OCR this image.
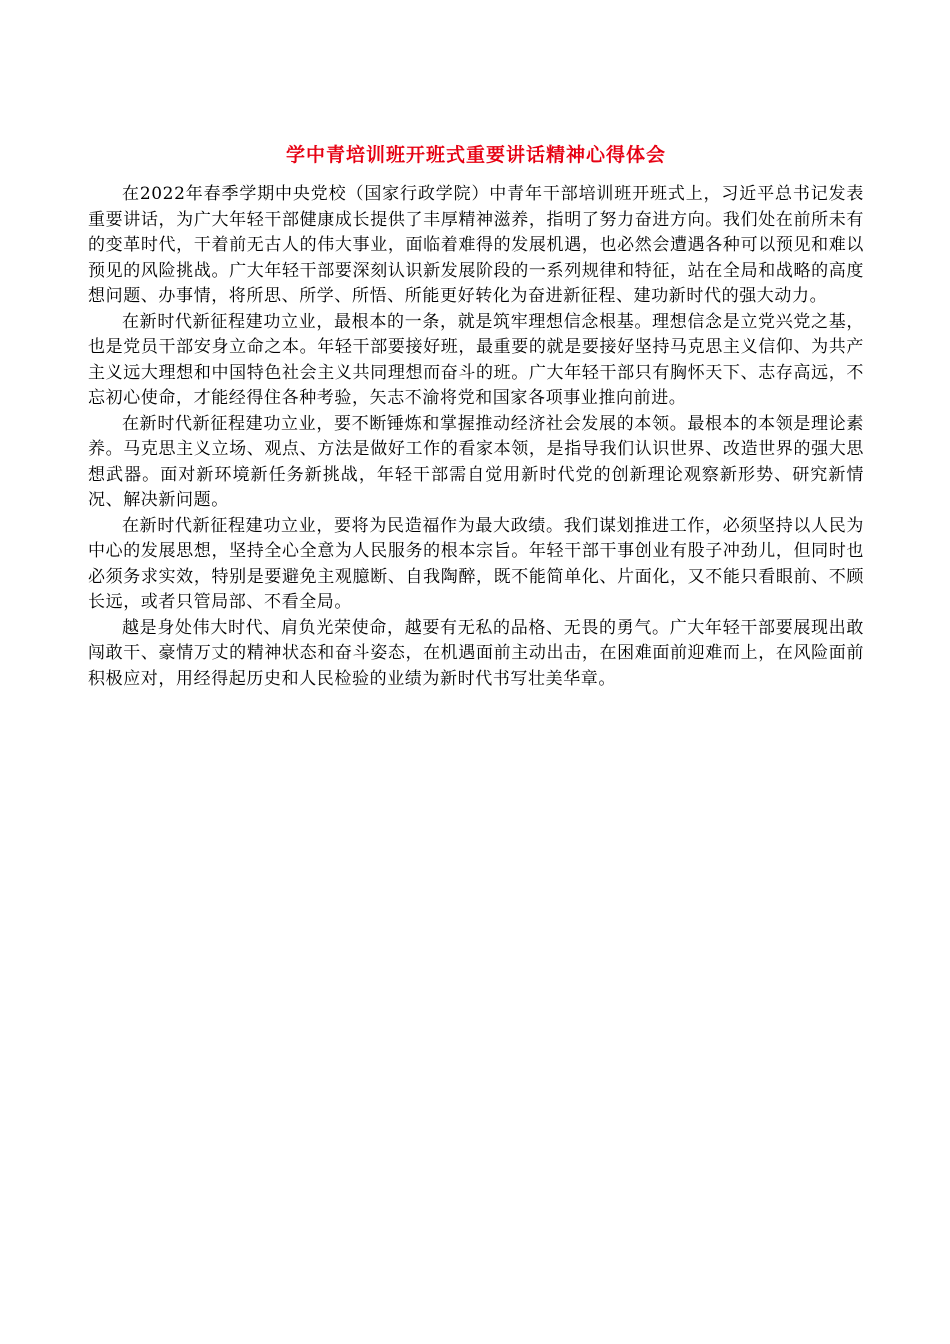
学中青培训班开班式重要讲话精神心得体会

在2022年春季学期中央党校（国家行政学院）中青年干部培训班开班式上，习近平总书记发表重要讲话，为广大年轻干部健康成长提供了丰厚精神滋养，指明了努力奋进方向。我们处在前所未有的变革时代，干着前无古人的伟大事业，面临着难得的发展机遇，也必然会遭遇各种可以预见和难以预见的风险挑战。广大年轻干部要深刻认识新发展阶段的一系列规律和特征，站在全局和战略的高度想问题、办事情，将所思、所学、所悟、所能更好转化为奋进新征程、建功新时代的强大动力。

在新时代新征程建功立业，最根本的一条，就是筑牢理想信念根基。理想信念是立党兴党之基，也是党员干部安身立命之本。年轻干部要接好班，最重要的就是要接好坚持马克思主义信仰、为共产主义远大理想和中国特色社会主义共同理想而奋斗的班。广大年轻干部只有胸怀天下、志存高远，不忘初心使命，才能经得住各种考验，矢志不渝将党和国家各项事业推向前进。

在新时代新征程建功立业，要不断锤炼和掌握推动经济社会发展的本领。最根本的本领是理论素养。马克思主义立场、观点、方法是做好工作的看家本领，是指导我们认识世界、改造世界的强大思想武器。面对新环境新任务新挑战，年轻干部需自觉用新时代党的创新理论观察新形势、研究新情况、解决新问题。

在新时代新征程建功立业，要将为民造福作为最大政绩。我们谋划推进工作，必须坚持以人民为中心的发展思想，坚持全心全意为人民服务的根本宗旨。年轻干部干事创业有股子冲劲儿，但同时也必须务求实效，特别是要避免主观臆断、自我陶醉，既不能简单化、片面化，又不能只看眼前、不顾长远，或者只管局部、不看全局。

越是身处伟大时代、肩负光荣使命，越要有无私的品格、无畏的勇气。广大年轻干部要展现出敢闯敢干、豪情万丈的精神状态和奋斗姿态，在机遇面前主动出击，在困难面前迎难而上，在风险面前积极应对，用经得起历史和人民检验的业绩为新时代书写壮美华章。
